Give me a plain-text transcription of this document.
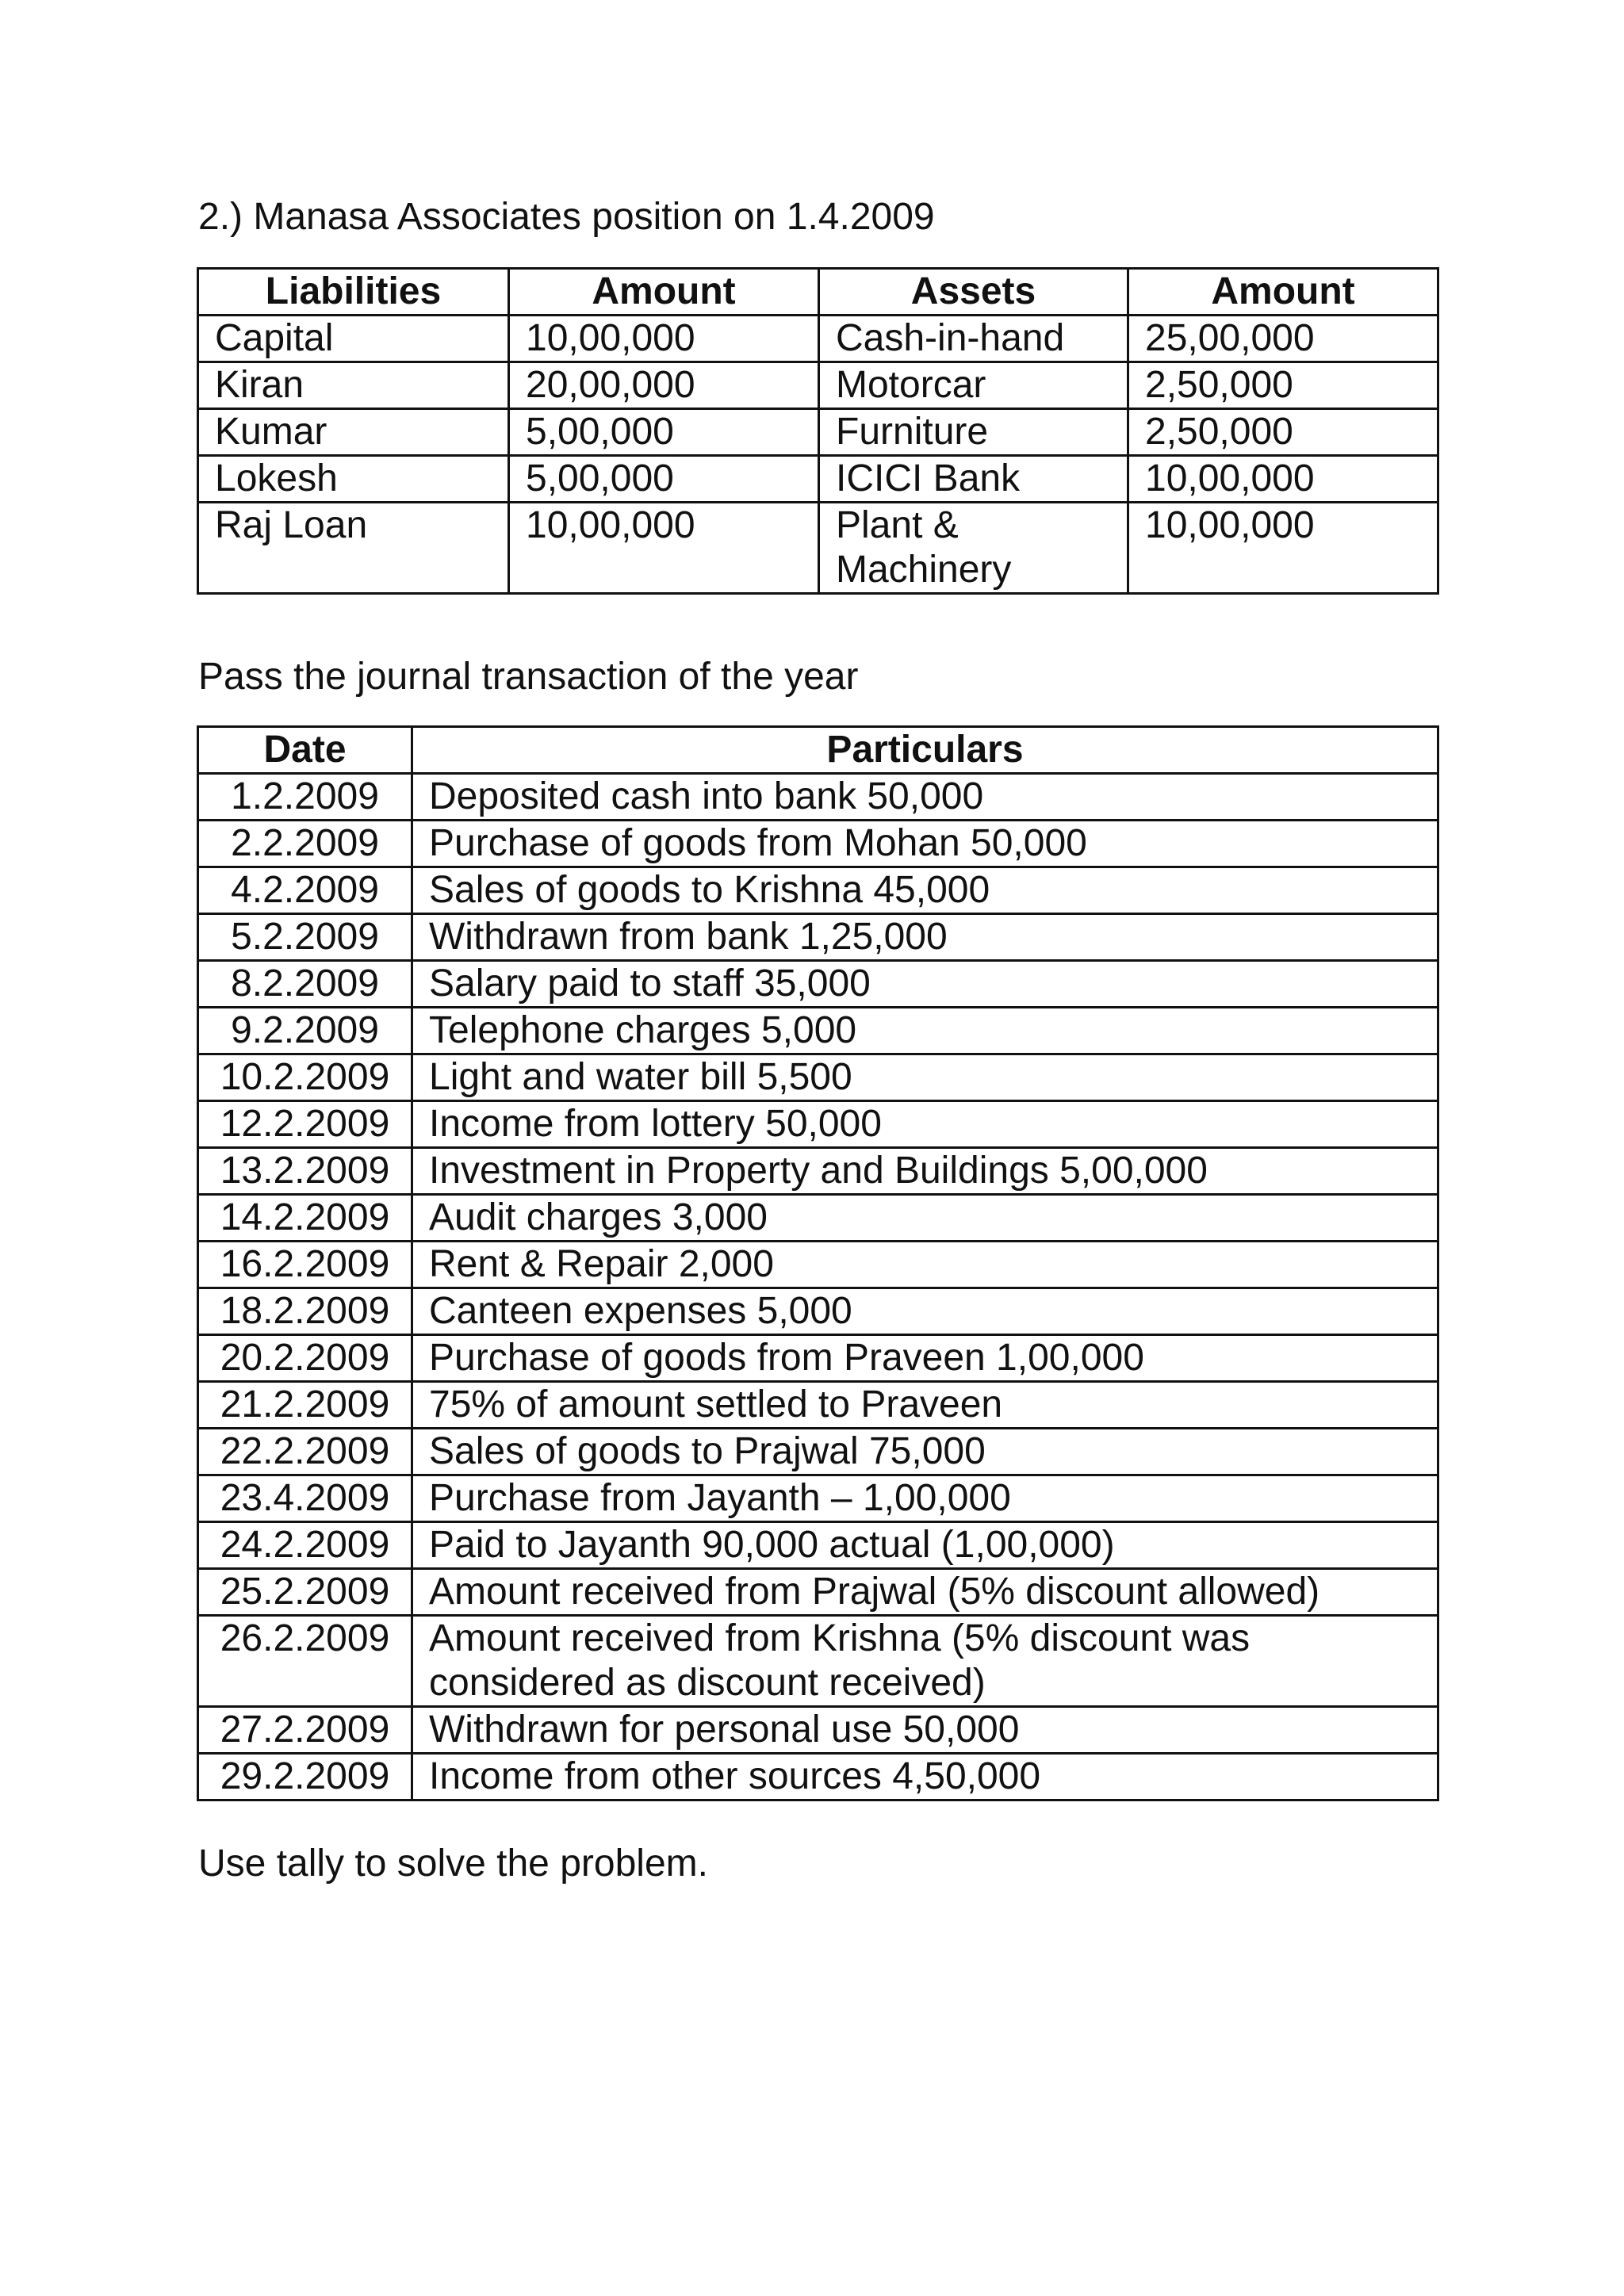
2.) Manasa Associates position on 1.4.2009
Liabilities	Amount	Assets	Amount
Capital	10,00,000	Cash-in-hand	25,00,000
Kiran	20,00,000	Motorcar	2,50,000
Kumar	5,00,000	Furniture	2,50,000
Lokesh	5,00,000	ICICI Bank	10,00,000
Raj Loan	10,00,000	Plant & Machinery	10,00,000
Pass the journal transaction of the year
Date	Particulars
1.2.2009	Deposited cash into bank 50,000
2.2.2009	Purchase of goods from Mohan 50,000
4.2.2009	Sales of goods to Krishna 45,000
5.2.2009	Withdrawn from bank 1,25,000
8.2.2009	Salary paid to staff 35,000
9.2.2009	Telephone charges 5,000
10.2.2009	Light and water bill 5,500
12.2.2009	Income from lottery 50,000
13.2.2009	Investment in Property and Buildings 5,00,000
14.2.2009	Audit charges 3,000
16.2.2009	Rent & Repair 2,000
18.2.2009	Canteen expenses 5,000
20.2.2009	Purchase of goods from Praveen 1,00,000
21.2.2009	75% of amount settled to Praveen
22.2.2009	Sales of goods to Prajwal 75,000
23.4.2009	Purchase from Jayanth – 1,00,000
24.2.2009	Paid to Jayanth 90,000 actual (1,00,000)
25.2.2009	Amount received from Prajwal (5% discount allowed)
26.2.2009	Amount received from Krishna (5% discount was considered as discount received)
27.2.2009	Withdrawn for personal use 50,000
29.2.2009	Income from other sources 4,50,000
Use tally to solve the problem.
